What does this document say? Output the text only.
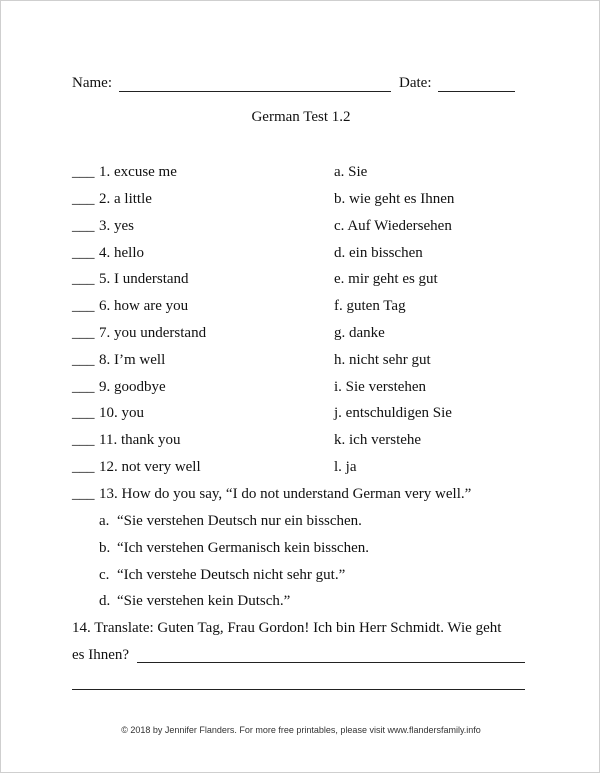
Name:	Date:
German Test 1.2
___ 1. excuse me	a. Sie
___ 2. a little	b. wie geht es Ihnen
___ 3. yes	c. Auf Wiedersehen
___ 4. hello	d. ein bisschen
___ 5. I understand	e. mir geht es gut
___ 6. how are you	f. guten Tag
___ 7. you understand	g. danke
___ 8. I’m well	h. nicht sehr gut
___ 9. goodbye	i. Sie verstehen
___ 10. you	j. entschuldigen Sie
___ 11. thank you	k. ich verstehe
___ 12. not very well	l. ja
___ 13. How do you say, “I do not understand German very well.”
a. “Sie verstehen Deutsch nur ein bisschen.
b. “Ich verstehen Germanisch kein bisschen.
c. “Ich verstehe Deutsch nicht sehr gut.”
d. “Sie verstehen kein Dutsch.”
14. Translate: Guten Tag, Frau Gordon! Ich bin Herr Schmidt. Wie geht
es Ihnen?
© 2018 by Jennifer Flanders. For more free printables, please visit www.flandersfamily.info
